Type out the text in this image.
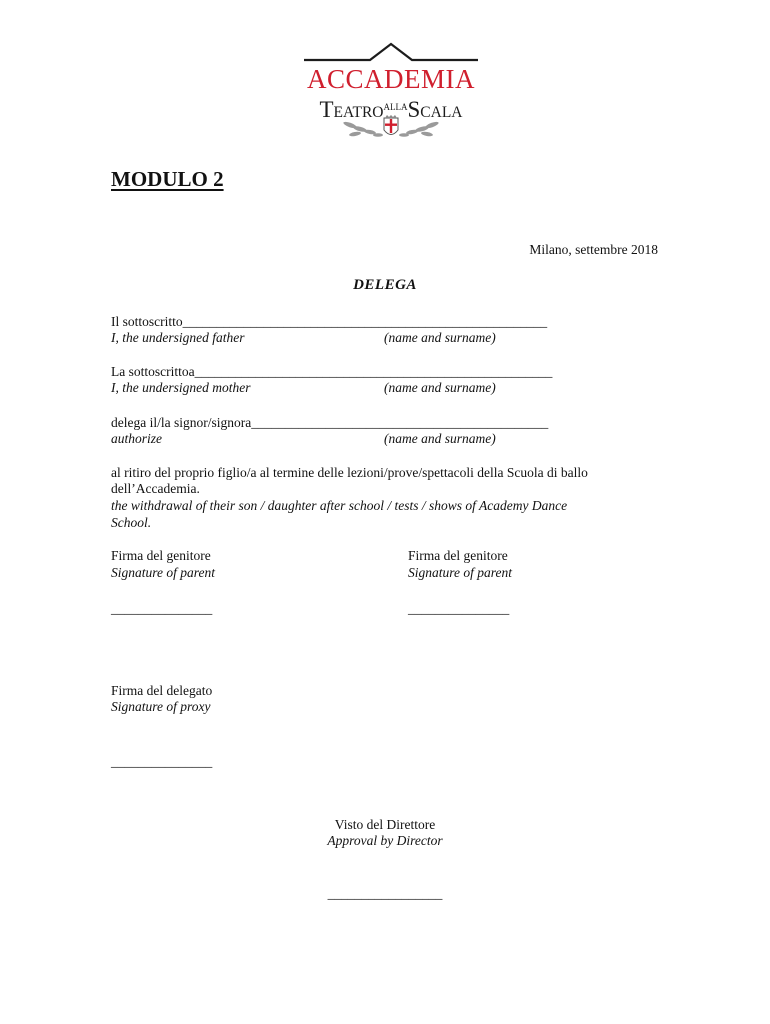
ACCADEMIA
$TEATRO^{ALLA}SCALA$
MODULO 2
Milano, settembre 2018
DELEGA
Il sottoscritto______________________________________________________
I, the undersigned father	(name and surname)
La sottoscrittoa_____________________________________________________
I, the undersigned mother	(name and surname)
delega il/la signor/signora____________________________________________
authorize	(name and surname)
al ritiro del proprio figlio/a al termine delle lezioni/prove/spettacoli della Scuola di ballo
dell’Accademia.
the withdrawal of their son / daughter after school / tests / shows of Academy Dance
School.
Firma del genitore
Signature of parent
_______________
Firma del genitore
Signature of parent
_______________
Firma del delegato
Signature of proxy
_______________
Visto del Direttore
Approval by Director
_________________
